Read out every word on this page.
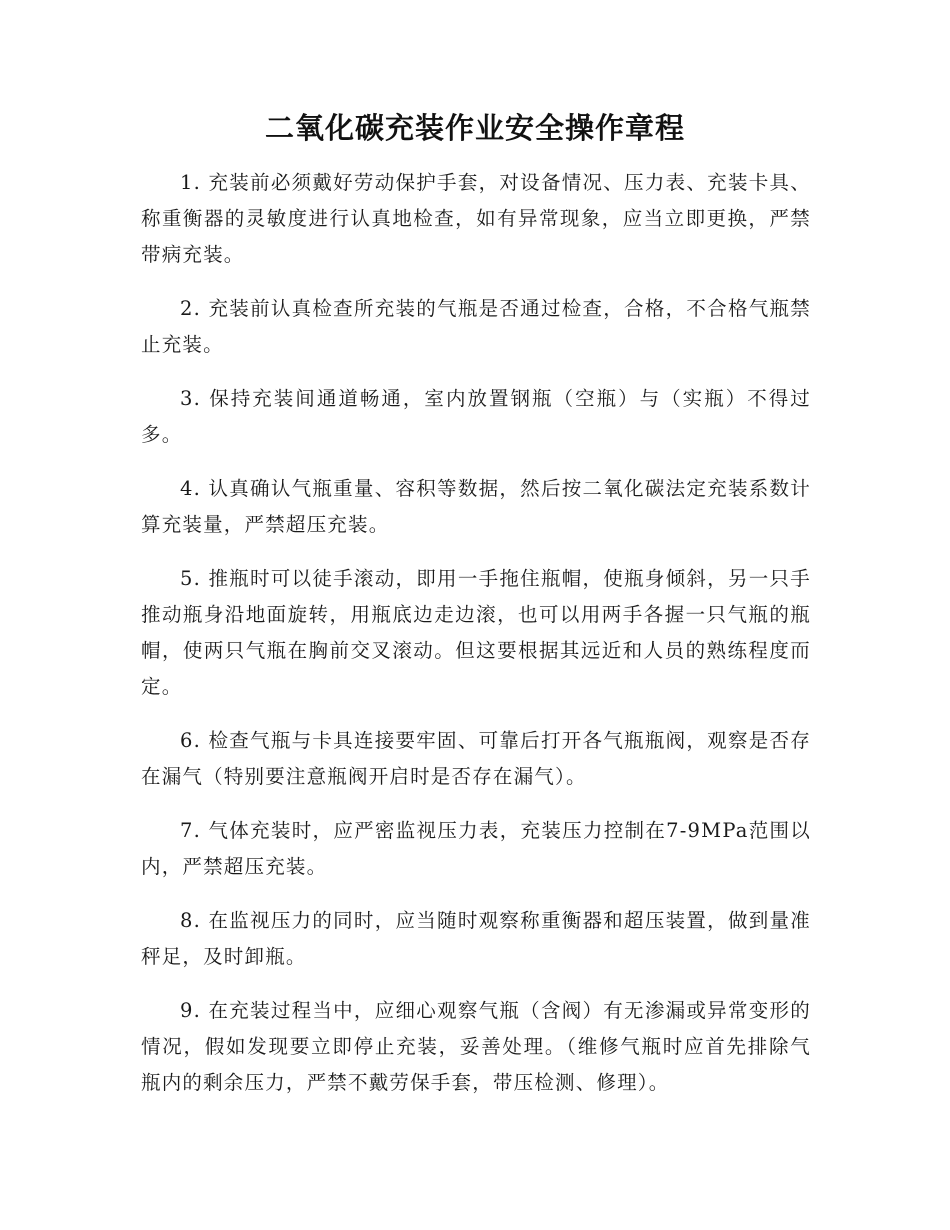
二氧化碳充装作业安全操作章程

1. 充装前必须戴好劳动保护手套，对设备情况、压力表、充装卡具、称重衡器的灵敏度进行认真地检查，如有异常现象，应当立即更换，严禁带病充装。

2. 充装前认真检查所充装的气瓶是否通过检查，合格，不合格气瓶禁止充装。

3. 保持充装间通道畅通，室内放置钢瓶（空瓶）与（实瓶）不得过多。

4. 认真确认气瓶重量、容积等数据，然后按二氧化碳法定充装系数计算充装量，严禁超压充装。

5. 推瓶时可以徒手滚动，即用一手拖住瓶帽，使瓶身倾斜，另一只手推动瓶身沿地面旋转，用瓶底边走边滚，也可以用两手各握一只气瓶的瓶帽，使两只气瓶在胸前交叉滚动。但这要根据其远近和人员的熟练程度而定。

6. 检查气瓶与卡具连接要牢固、可靠后打开各气瓶瓶阀，观察是否存在漏气（特别要注意瓶阀开启时是否存在漏气）。

7. 气体充装时，应严密监视压力表，充装压力控制在7-9MPa范围以内，严禁超压充装。

8. 在监视压力的同时，应当随时观察称重衡器和超压装置，做到量准秤足，及时卸瓶。

9. 在充装过程当中，应细心观察气瓶（含阀）有无渗漏或异常变形的情况，假如发现要立即停止充装，妥善处理。（维修气瓶时应首先排除气瓶内的剩余压力，严禁不戴劳保手套，带压检测、修理）。
